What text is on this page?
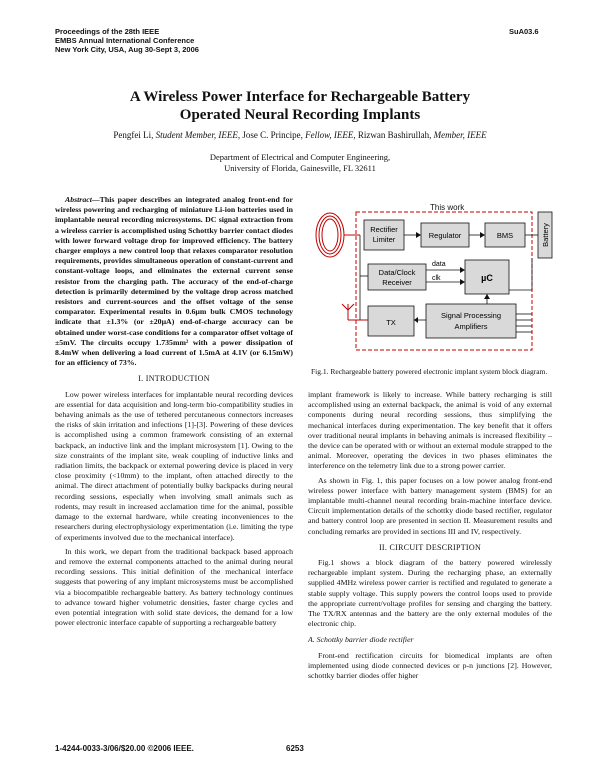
Proceedings of the 28th IEEE
EMBS Annual International Conference
New York City, USA, Aug 30-Sept 3, 2006
SuA03.6
A Wireless Power Interface for Rechargeable Battery
Operated Neural Recording Implants
Pengfei Li, Student Member, IEEE, Jose C. Principe, Fellow, IEEE, Rizwan Bashirullah, Member, IEEE
Department of Electrical and Computer Engineering,
University of Florida, Gainesville, FL 32611

Abstract—This paper describes an integrated analog front-end for wireless powering and recharging of miniature Li-ion batteries used in implantable neural recording microsystems. DC signal extraction from a wireless carrier is accomplished using Schottky barrier contact diodes with lower forward voltage drop for improved efficiency. The battery charger employs a new control loop that relaxes comparator resolution requirements, provides simultaneous operation of constant-current and constant-voltage loops, and eliminates the external current sense resistor from the charging path. The accuracy of the end-of-charge detection is primarily determined by the voltage drop across matched resistors and current-sources and the offset voltage of the sense comparator. Experimental results in 0.6µm bulk CMOS technology indicate that ±1.3% (or ±20µA) end-of-charge accuracy can be obtained under worst-case conditions for a comparator offset voltage of ±5mV. The circuits occupy 1.735mm² with a power dissipation of 8.4mW when delivering a load current of 1.5mA at 4.1V (or 6.15mW) for an efficiency of 73%.

I. INTRODUCTION

Low power wireless interfaces for implantable neural recording devices are essential for data acquisition and long-term bio-compatibility studies in behaving animals as the use of tethered percutaneous connectors increases the risks of skin irritation and infections [1]-[3]. Powering of these devices is accomplished using a common framework consisting of an external backpack, an inductive link and the implant microsystem [1]. Owing to the size constraints of the implant site, weak coupling of inductive links and radiation limits, the backpack or external powering device is placed in very close proximity (<10mm) to the implant, often attached directly to the animal. The direct attachment of potentially bulky backpacks during neural recording sessions, especially when involving small animals such as rodents, may result in increased acclamation time for the animal, possible damage to the external hardware, while creating inconveniences to the researchers during electrophysiology experimentation (i.e. limiting the type of experiments involved due to the mechanical interface).

In this work, we depart from the traditional backpack based approach and remove the external components attached to the animal during neural recording sessions. This initial definition of the mechanical interface suggests that powering of any implant microsystems must be accomplished via a biocompatible rechargeable battery. As battery technology continues to advance toward higher volumetric densities, faster charge cycles and even potential integration with solid state devices, the demand for a low power electronic interface capable of supporting a rechargeable battery

This work
Rectifier
Limiter	Regulator	BMS	Battery
Data/Clock
Receiver
data
clk	µC
TX
Signal Processing
Amplifiers
Fig.1. Rechargeable battery powered electronic implant system block diagram.

implant framework is likely to increase. While battery recharging is still accomplished using an external backpack, the animal is void of any external components during neural recording sessions, thus simplifying the mechanical interfaces during experimentation. The key benefit that it offers over traditional neural implants in behaving animals is increased flexibility – the device can be operated with or without an external module strapped to the animal. Moreover, operating the devices in two phases eliminates the interference on the telemetry link due to a strong power carrier.

As shown in Fig. 1, this paper focuses on a low power analog front-end wireless power interface with battery management system (BMS) for an implantable multi-channel neural recording brain-machine interface device. Circuit implementation details of the schottky diode based rectifier, regulator and battery control loop are presented in section II. Measurement results and concluding remarks are provided in sections III and IV, respectively.

II. CIRCUIT DESCRIPTION

Fig.1 shows a block diagram of the battery powered wirelessly rechargeable implant system. During the recharging phase, an externally supplied 4MHz wireless power carrier is rectified and regulated to generate a stable supply voltage. This supply powers the control loops used to provide the appropriate current/voltage profiles for sensing and charging the battery. The TX/RX antennas and the battery are the only external modules of the electronic chip.

A. Schottky barrier diode rectifier

Front-end rectification circuits for biomedical implants are often implemented using diode connected devices or p-n junctions [2]. However, schottky barrier diodes offer higher

1-4244-0033-3/06/$20.00 ©2006 IEEE.	6253
